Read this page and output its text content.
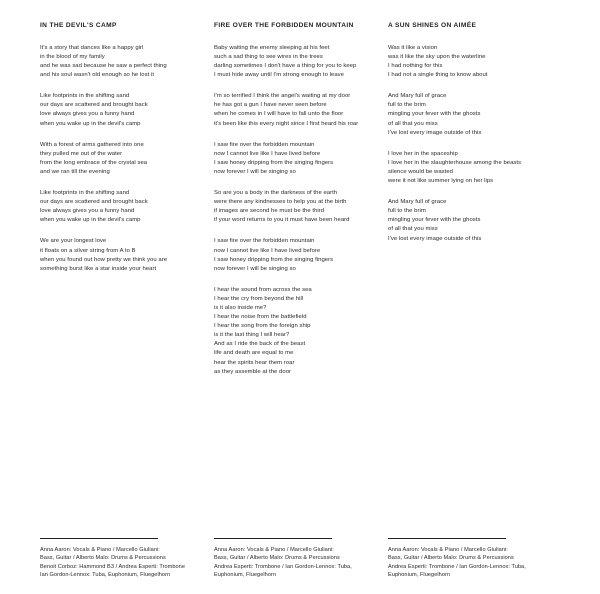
IN THE DEVIL'S CAMP
It's a story that dances like a happy girl
in the blood of my family
and he was sad because he saw a perfect thing
and his soul wasn't old enough so he lost it
Like footprints in the shifting sand
our days are scattered and brought back
love always gives you a funny hand
when you wake up in the devil's camp
With a forest of arms gathered into one
they pulled me out of the water
from the long embrace of the crystal sea
and we ran till the evening
Like footprints in the shifting sand
our days are scattered and brought back
love always gives you a funny hand
when you wake up in the devil's camp
We are your longest love
it floats on a silver string from A to B
when you found out how pretty we think you are
something burst like a star inside your heart
FIRE OVER THE FORBIDDEN MOUNTAIN
Baby waiting the enemy sleeping at his feet
such a sad thing to see wires in the trees
darling sometimes I don't have a thing for you to keep
I must hide away until I'm strong enough to leave
I'm so terrified I think the angel's waiting at my door
he has got a gun I have never seen before
when he comes in I will have to fall unto the floor
it's been like this every night since I first heard his roar
I saw fire over the forbidden mountain
now I cannot live like I have lived before
I saw honey dripping from the singing fingers
now forever I will be singing so
So are you a body in the darkness of the earth
were there any kindnesses to help you at the birth
if images are second he must be the third
if your word returns to you it must have been heard
I saw fire over the forbidden mountain
now I cannot live like I have lived before
I saw honey dripping from the singing fingers
now forever I will be singing so
I hear the sound from across the sea
I hear the cry from beyond the hill
is it also inside me?
I hear the noise from the battlefield
I hear the song from the foreign ship
is it the last thing I will hear?
And as I ride the back of the beast
life and death are equal to me
hear the spirits hear them roar
as they assemble at the door
A SUN SHINES ON AIMÉE
Was it like a vision
was it like the sky upon the waterline
I had nothing for this
I had not a single thing to know about
And Mary full of grace
full to the brim
mingling your fever with the ghosts
of all that you miss
I've lost every image outside of this
I love her in the spaceship
I love her in the slaughterhouse among the beasts
silence would be wasted
were it not like summer lying on her lips
And Mary full of grace
full to the brim
mingling your fever with the ghosts
of all that you miss
I've lost every image outside of this
Anna Aaron: Vocals & Piano / Marcello Giuliani:
Bass, Guitar / Alberto Malo: Drums & Percussions
Benoit Corboz: Hammond B3 / Andrea Esperti: Trombone
Ian Gordon-Lennox: Tuba, Euphonium, Fluegelhorn
Anna Aaron: Vocals & Piano / Marcello Giuliani:
Bass, Guitar / Alberto Malo: Drums & Percussions
Andrea Esperti: Trombone / Ian Gordon-Lennox: Tuba,
Euphonium, Fluegelhorn
Anna Aaron: Vocals & Piano / Marcello Giuliani:
Bass, Guitar / Alberto Malo: Drums & Percussions
Andrea Esperti: Trombone / Ian Gordon-Lennox: Tuba,
Euphonium, Fluegelhorn
